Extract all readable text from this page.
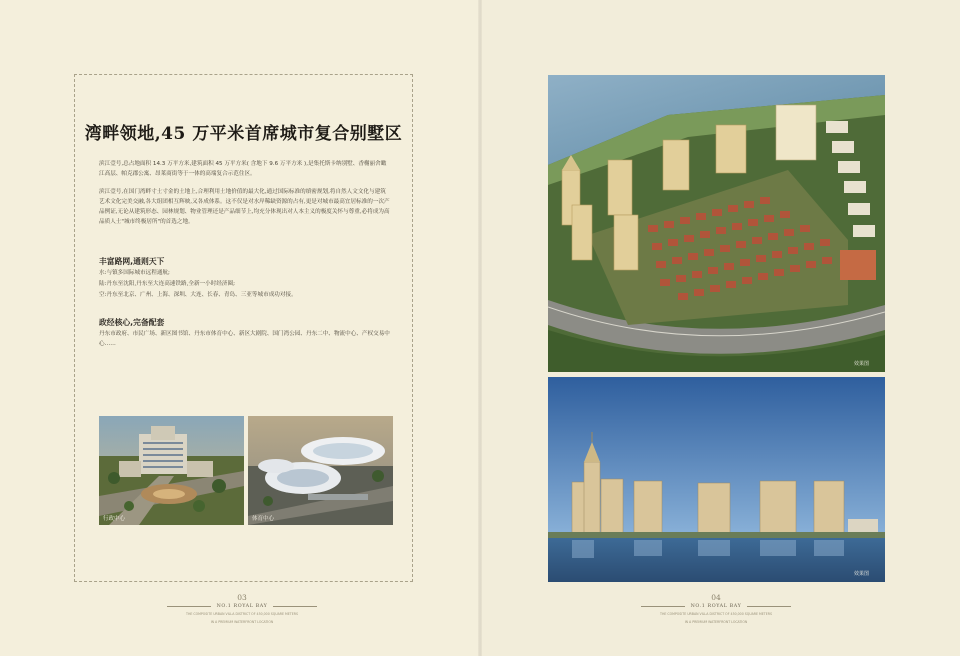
湾畔领地,45 万平米首席城市复合别墅区

滨江壹号,总占地面积 14.3 万平方米,建筑面积 45 万平方米( 含地下 9.6 万平方米 ),是集托斯卡纳别墅、香榭丽舍瞰江高层、帕克郡公寓、昂莱商街等于一体的高端复合示范住区。

滨江壹号,在国门湾畔寸土寸金的土地上,合理利用土地价值的最大化,通过国际标准的缜密规划,将自然人文文化与建筑艺术文化完美交融,各大组团相互辉映,又各成体系。这不仅是对水岸稀缺资源的占有,更是对城市最高宜居标准的一次产品例证,无论从建筑形态、园林规划、物业管理还是产品细节上,均充分体现出对人本主义的极度关怀与尊重,必将成为高品质人士"城市终极居所"的首选之地。

丰富路网,通则天下
水:与镇多国际城市远程通航;
陆:丹东至沈阳,丹东至大连高速铁路,全新一小时经济圈;
空:丹东至北京、广州、上海、深圳、大连、长春、青岛、三亚等城市成功对接。
政经核心,完备配套
丹东市政府、市民广场、新区图书馆、丹东市体育中心、新区大剧院、国门湾公园、丹东二中、物流中心、产权交易中心……
行政中心	体育中心
03
NO.1 ROYAL BAY
THE COMPOSITE URBAN VILLA DISTRICT OF 450,000 SQUARE METERS
IN A PREMIUM WATERFRONT LOCATION
效果图
效果图
04
NO.1 ROYAL BAY
THE COMPOSITE URBAN VILLA DISTRICT OF 450,000 SQUARE METERS
IN A PREMIUM WATERFRONT LOCATION
